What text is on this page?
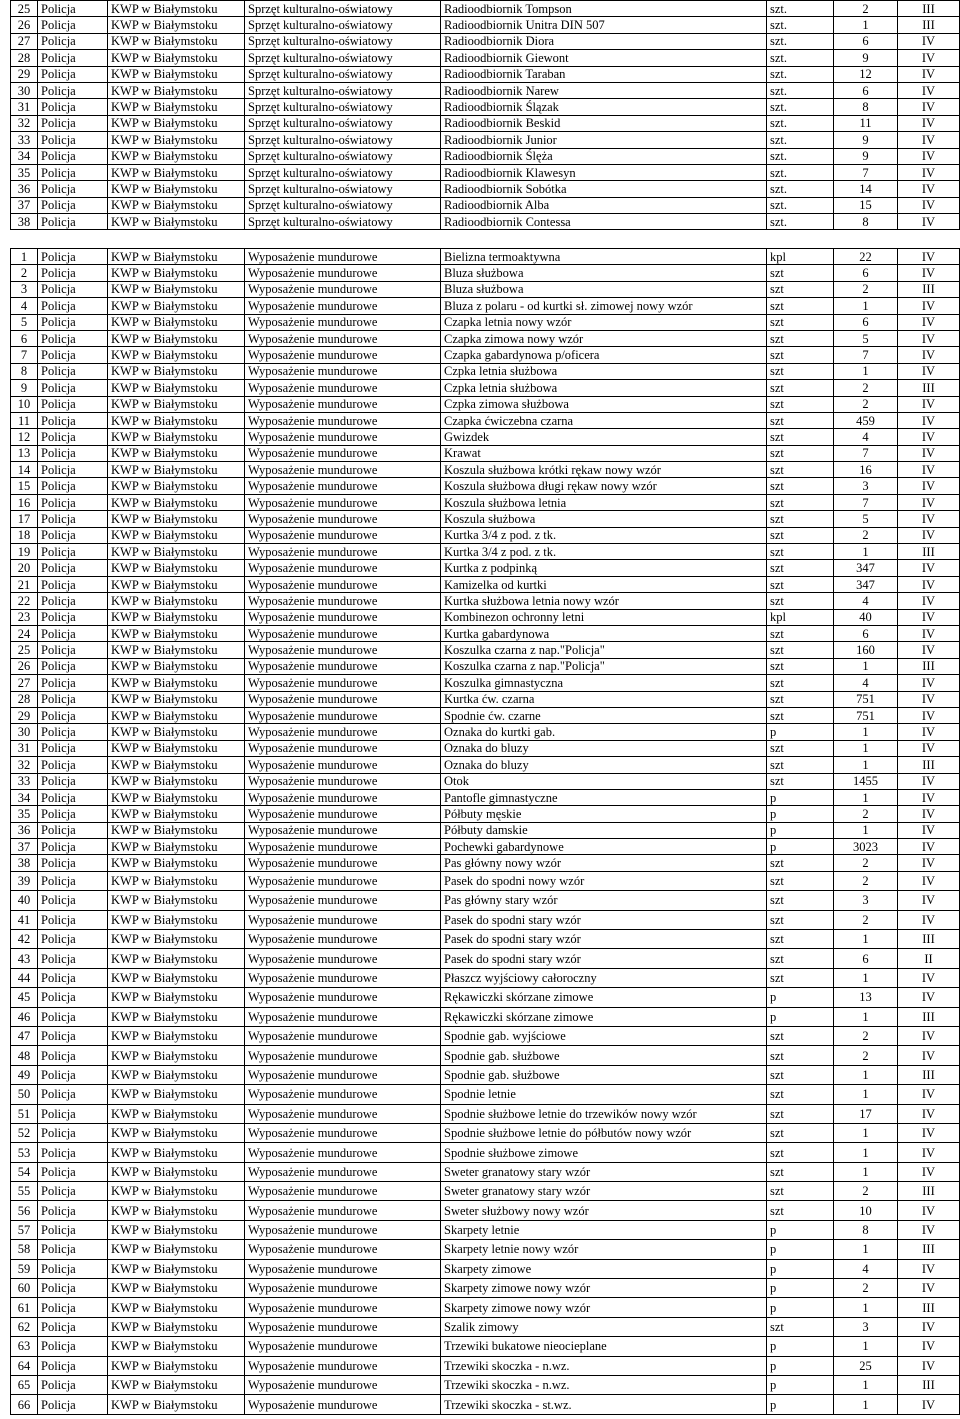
25	Policja	KWP w Białymstoku	Sprzęt kulturalno-oświatowy	Radioodbiornik Tompson	szt.	2	III
26	Policja	KWP w Białymstoku	Sprzęt kulturalno-oświatowy	Radioodbiornik Unitra DIN 507	szt.	1	III
27	Policja	KWP w Białymstoku	Sprzęt kulturalno-oświatowy	Radioodbiornik Diora	szt.	6	IV
28	Policja	KWP w Białymstoku	Sprzęt kulturalno-oświatowy	Radioodbiornik Giewont	szt.	9	IV
29	Policja	KWP w Białymstoku	Sprzęt kulturalno-oświatowy	Radioodbiornik Taraban	szt.	12	IV
30	Policja	KWP w Białymstoku	Sprzęt kulturalno-oświatowy	Radioodbiornik Narew	szt.	6	IV
31	Policja	KWP w Białymstoku	Sprzęt kulturalno-oświatowy	Radioodbiornik Ślązak	szt.	8	IV
32	Policja	KWP w Białymstoku	Sprzęt kulturalno-oświatowy	Radioodbiornik Beskid	szt.	11	IV
33	Policja	KWP w Białymstoku	Sprzęt kulturalno-oświatowy	Radioodbiornik Junior	szt.	9	IV
34	Policja	KWP w Białymstoku	Sprzęt kulturalno-oświatowy	Radioodbiornik Ślęża	szt.	9	IV
35	Policja	KWP w Białymstoku	Sprzęt kulturalno-oświatowy	Radioodbiornik Klawesyn	szt.	7	IV
36	Policja	KWP w Białymstoku	Sprzęt kulturalno-oświatowy	Radioodbiornik Sobótka	szt.	14	IV
37	Policja	KWP w Białymstoku	Sprzęt kulturalno-oświatowy	Radioodbiornik Alba	szt.	15	IV
38	Policja	KWP w Białymstoku	Sprzęt kulturalno-oświatowy	Radioodbiornik Contessa	szt.	8	IV
1	Policja	KWP w Białymstoku	Wyposażenie mundurowe	Bielizna termoaktywna	kpl	22	IV
2	Policja	KWP w Białymstoku	Wyposażenie mundurowe	Bluza służbowa	szt	6	IV
3	Policja	KWP w Białymstoku	Wyposażenie mundurowe	Bluza służbowa	szt	2	III
4	Policja	KWP w Białymstoku	Wyposażenie mundurowe	Bluza z polaru - od kurtki sł. zimowej nowy wzór	szt	1	IV
5	Policja	KWP w Białymstoku	Wyposażenie mundurowe	Czapka letnia nowy wzór	szt	6	IV
6	Policja	KWP w Białymstoku	Wyposażenie mundurowe	Czapka zimowa nowy wzór	szt	5	IV
7	Policja	KWP w Białymstoku	Wyposażenie mundurowe	Czapka gabardynowa p/oficera	szt	7	IV
8	Policja	KWP w Białymstoku	Wyposażenie mundurowe	Czpka letnia służbowa	szt	1	IV
9	Policja	KWP w Białymstoku	Wyposażenie mundurowe	Czpka letnia służbowa	szt	2	III
10	Policja	KWP w Białymstoku	Wyposażenie mundurowe	Czpka zimowa służbowa	szt	2	IV
11	Policja	KWP w Białymstoku	Wyposażenie mundurowe	Czapka ćwiczebna czarna	szt	459	IV
12	Policja	KWP w Białymstoku	Wyposażenie mundurowe	Gwizdek	szt	4	IV
13	Policja	KWP w Białymstoku	Wyposażenie mundurowe	Krawat	szt	7	IV
14	Policja	KWP w Białymstoku	Wyposażenie mundurowe	Koszula służbowa krótki rękaw nowy wzór	szt	16	IV
15	Policja	KWP w Białymstoku	Wyposażenie mundurowe	Koszula służbowa długi rękaw nowy wzór	szt	3	IV
16	Policja	KWP w Białymstoku	Wyposażenie mundurowe	Koszula służbowa letnia	szt	7	IV
17	Policja	KWP w Białymstoku	Wyposażenie mundurowe	Koszula służbowa	szt	5	IV
18	Policja	KWP w Białymstoku	Wyposażenie mundurowe	Kurtka 3/4 z pod. z tk.	szt	2	IV
19	Policja	KWP w Białymstoku	Wyposażenie mundurowe	Kurtka 3/4 z pod. z tk.	szt	1	III
20	Policja	KWP w Białymstoku	Wyposażenie mundurowe	Kurtka z podpinką	szt	347	IV
21	Policja	KWP w Białymstoku	Wyposażenie mundurowe	Kamizelka od kurtki	szt	347	IV
22	Policja	KWP w Białymstoku	Wyposażenie mundurowe	Kurtka służbowa letnia nowy wzór	szt	4	IV
23	Policja	KWP w Białymstoku	Wyposażenie mundurowe	Kombinezon ochronny letni	kpl	40	IV
24	Policja	KWP w Białymstoku	Wyposażenie mundurowe	Kurtka gabardynowa	szt	6	IV
25	Policja	KWP w Białymstoku	Wyposażenie mundurowe	Koszulka czarna z nap."Policja"	szt	160	IV
26	Policja	KWP w Białymstoku	Wyposażenie mundurowe	Koszulka czarna z nap."Policja"	szt	1	III
27	Policja	KWP w Białymstoku	Wyposażenie mundurowe	Koszulka gimnastyczna	szt	4	IV
28	Policja	KWP w Białymstoku	Wyposażenie mundurowe	Kurtka ćw. czarna	szt	751	IV
29	Policja	KWP w Białymstoku	Wyposażenie mundurowe	Spodnie ćw. czarne	szt	751	IV
30	Policja	KWP w Białymstoku	Wyposażenie mundurowe	Oznaka do kurtki gab.	p	1	IV
31	Policja	KWP w Białymstoku	Wyposażenie mundurowe	Oznaka do bluzy	szt	1	IV
32	Policja	KWP w Białymstoku	Wyposażenie mundurowe	Oznaka do bluzy	szt	1	III
33	Policja	KWP w Białymstoku	Wyposażenie mundurowe	Otok	szt	1455	IV
34	Policja	KWP w Białymstoku	Wyposażenie mundurowe	Pantofle gimnastyczne	p	1	IV
35	Policja	KWP w Białymstoku	Wyposażenie mundurowe	Półbuty męskie	p	2	IV
36	Policja	KWP w Białymstoku	Wyposażenie mundurowe	Półbuty damskie	p	1	IV
37	Policja	KWP w Białymstoku	Wyposażenie mundurowe	Pochewki gabardynowe	p	3023	IV
38	Policja	KWP w Białymstoku	Wyposażenie mundurowe	Pas główny nowy wzór	szt	2	IV
39	Policja	KWP w Białymstoku	Wyposażenie mundurowe	Pasek do spodni nowy wzór	szt	2	IV
40	Policja	KWP w Białymstoku	Wyposażenie mundurowe	Pas główny stary wzór	szt	3	IV
41	Policja	KWP w Białymstoku	Wyposażenie mundurowe	Pasek do spodni stary wzór	szt	2	IV
42	Policja	KWP w Białymstoku	Wyposażenie mundurowe	Pasek do spodni stary wzór	szt	1	III
43	Policja	KWP w Białymstoku	Wyposażenie mundurowe	Pasek do spodni stary wzór	szt	6	II
44	Policja	KWP w Białymstoku	Wyposażenie mundurowe	Płaszcz wyjściowy całoroczny	szt	1	IV
45	Policja	KWP w Białymstoku	Wyposażenie mundurowe	Rękawiczki skórzane zimowe	p	13	IV
46	Policja	KWP w Białymstoku	Wyposażenie mundurowe	Rękawiczki skórzane zimowe	p	1	III
47	Policja	KWP w Białymstoku	Wyposażenie mundurowe	Spodnie gab. wyjściowe	szt	2	IV
48	Policja	KWP w Białymstoku	Wyposażenie mundurowe	Spodnie gab. służbowe	szt	2	IV
49	Policja	KWP w Białymstoku	Wyposażenie mundurowe	Spodnie gab. służbowe	szt	1	III
50	Policja	KWP w Białymstoku	Wyposażenie mundurowe	Spodnie letnie	szt	1	IV
51	Policja	KWP w Białymstoku	Wyposażenie mundurowe	Spodnie służbowe letnie do trzewików nowy wzór	szt	17	IV
52	Policja	KWP w Białymstoku	Wyposażenie mundurowe	Spodnie służbowe letnie do półbutów nowy wzór	szt	1	IV
53	Policja	KWP w Białymstoku	Wyposażenie mundurowe	Spodnie służbowe zimowe	szt	1	IV
54	Policja	KWP w Białymstoku	Wyposażenie mundurowe	Sweter granatowy stary wzór	szt	1	IV
55	Policja	KWP w Białymstoku	Wyposażenie mundurowe	Sweter granatowy stary wzór	szt	2	III
56	Policja	KWP w Białymstoku	Wyposażenie mundurowe	Sweter służbowy nowy wzór	szt	10	IV
57	Policja	KWP w Białymstoku	Wyposażenie mundurowe	Skarpety letnie	p	8	IV
58	Policja	KWP w Białymstoku	Wyposażenie mundurowe	Skarpety letnie nowy wzór	p	1	III
59	Policja	KWP w Białymstoku	Wyposażenie mundurowe	Skarpety zimowe	p	4	IV
60	Policja	KWP w Białymstoku	Wyposażenie mundurowe	Skarpety zimowe nowy wzór	p	2	IV
61	Policja	KWP w Białymstoku	Wyposażenie mundurowe	Skarpety zimowe nowy wzór	p	1	III
62	Policja	KWP w Białymstoku	Wyposażenie mundurowe	Szalik zimowy	szt	3	IV
63	Policja	KWP w Białymstoku	Wyposażenie mundurowe	Trzewiki bukatowe nieocieplane	p	1	IV
64	Policja	KWP w Białymstoku	Wyposażenie mundurowe	Trzewiki skoczka - n.wz.	p	25	IV
65	Policja	KWP w Białymstoku	Wyposażenie mundurowe	Trzewiki skoczka - n.wz.	p	1	III
66	Policja	KWP w Białymstoku	Wyposażenie mundurowe	Trzewiki skoczka - st.wz.	p	1	IV
